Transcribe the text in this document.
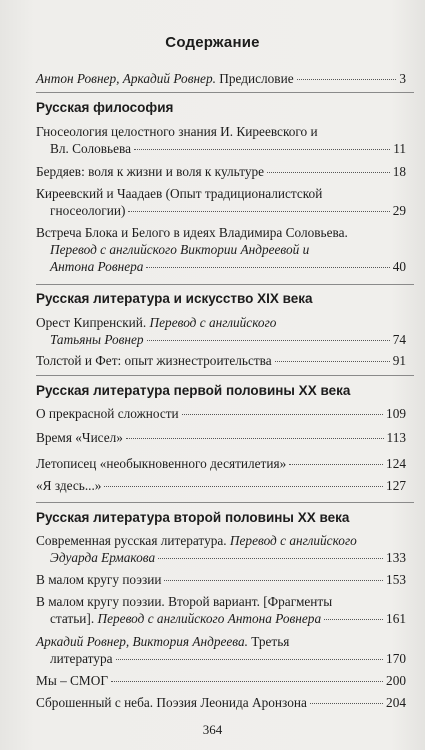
Содержание
Антон Ровнер, Аркадий Ровнер. Предисловие	3
Русская философия
Гносеология целостного знания И. Киреевского и
Вл. Соловьева	11
Бердяев: воля к жизни и воля к культуре	18
Киреевский и Чаадаев (Опыт традиционалистской
гносеологии)	29
Встреча Блока и Белого в идеях Владимира Соловьева.
Перевод с английского Виктории Андреевой и
Антона Ровнера	40
Русская литература и искусство XIX века
Орест Кипренский. Перевод с английского
Татьяны Ровнер	74
Толстой и Фет: опыт жизнестроительства	91
Русская литература первой половины XX века
О прекрасной сложности	109
Время «Чисел»	113
Летописец «необыкновенного десятилетия»	124
«Я здесь...»	127
Русская литература второй половины XX века
Современная русская литература. Перевод с английского
Эдуарда Ермакова	133
В малом кругу поэзии	153
В малом кругу поэзии. Второй вариант. [Фрагменты
статьи]. Перевод с английского Антона Ровнера	161
Аркадий Ровнер, Виктория Андреева. Третья
литература	170
Мы – СМОГ	200
Сброшенный с неба. Поэзия Леонида Аронзона	204
364
